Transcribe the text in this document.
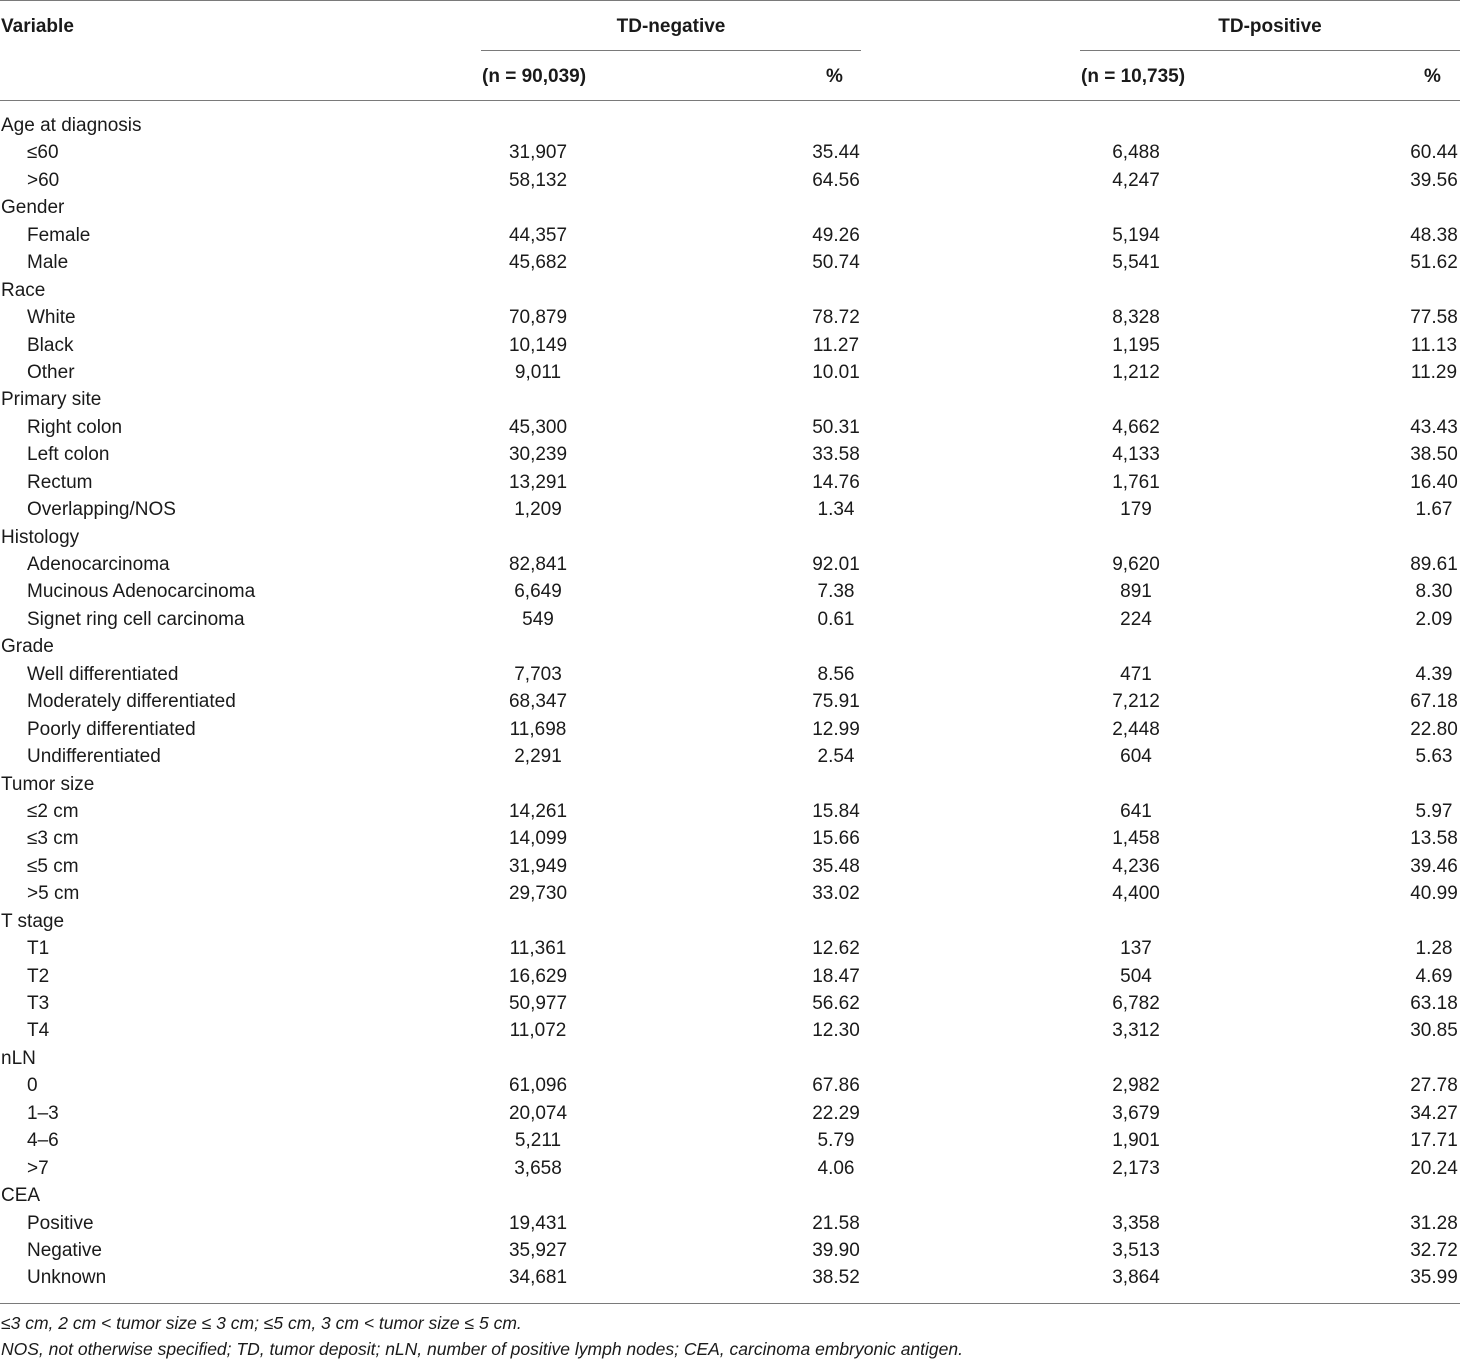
Variable	TD-negative	TD-positive
(n = 90,039)	%	(n = 10,735)	%
Age at diagnosis
≤60	31,907	35.44	6,488	60.44
>60	58,132	64.56	4,247	39.56
Gender
Female	44,357	49.26	5,194	48.38
Male	45,682	50.74	5,541	51.62
Race
White	70,879	78.72	8,328	77.58
Black	10,149	11.27	1,195	11.13
Other	9,011	10.01	1,212	11.29
Primary site
Right colon	45,300	50.31	4,662	43.43
Left colon	30,239	33.58	4,133	38.50
Rectum	13,291	14.76	1,761	16.40
Overlapping/NOS	1,209	1.34	179	1.67
Histology
Adenocarcinoma	82,841	92.01	9,620	89.61
Mucinous Adenocarcinoma	6,649	7.38	891	8.30
Signet ring cell carcinoma	549	0.61	224	2.09
Grade
Well differentiated	7,703	8.56	471	4.39
Moderately differentiated	68,347	75.91	7,212	67.18
Poorly differentiated	11,698	12.99	2,448	22.80
Undifferentiated	2,291	2.54	604	5.63
Tumor size
≤2 cm	14,261	15.84	641	5.97
≤3 cm	14,099	15.66	1,458	13.58
≤5 cm	31,949	35.48	4,236	39.46
>5 cm	29,730	33.02	4,400	40.99
T stage
T1	11,361	12.62	137	1.28
T2	16,629	18.47	504	4.69
T3	50,977	56.62	6,782	63.18
T4	11,072	12.30	3,312	30.85
nLN
0	61,096	67.86	2,982	27.78
1–3	20,074	22.29	3,679	34.27
4–6	5,211	5.79	1,901	17.71
>7	3,658	4.06	2,173	20.24
CEA
Positive	19,431	21.58	3,358	31.28
Negative	35,927	39.90	3,513	32.72
Unknown	34,681	38.52	3,864	35.99
≤3 cm, 2 cm < tumor size ≤ 3 cm; ≤5 cm, 3 cm < tumor size ≤ 5 cm.
NOS, not otherwise specified; TD, tumor deposit; nLN, number of positive lymph nodes; CEA, carcinoma embryonic antigen.
